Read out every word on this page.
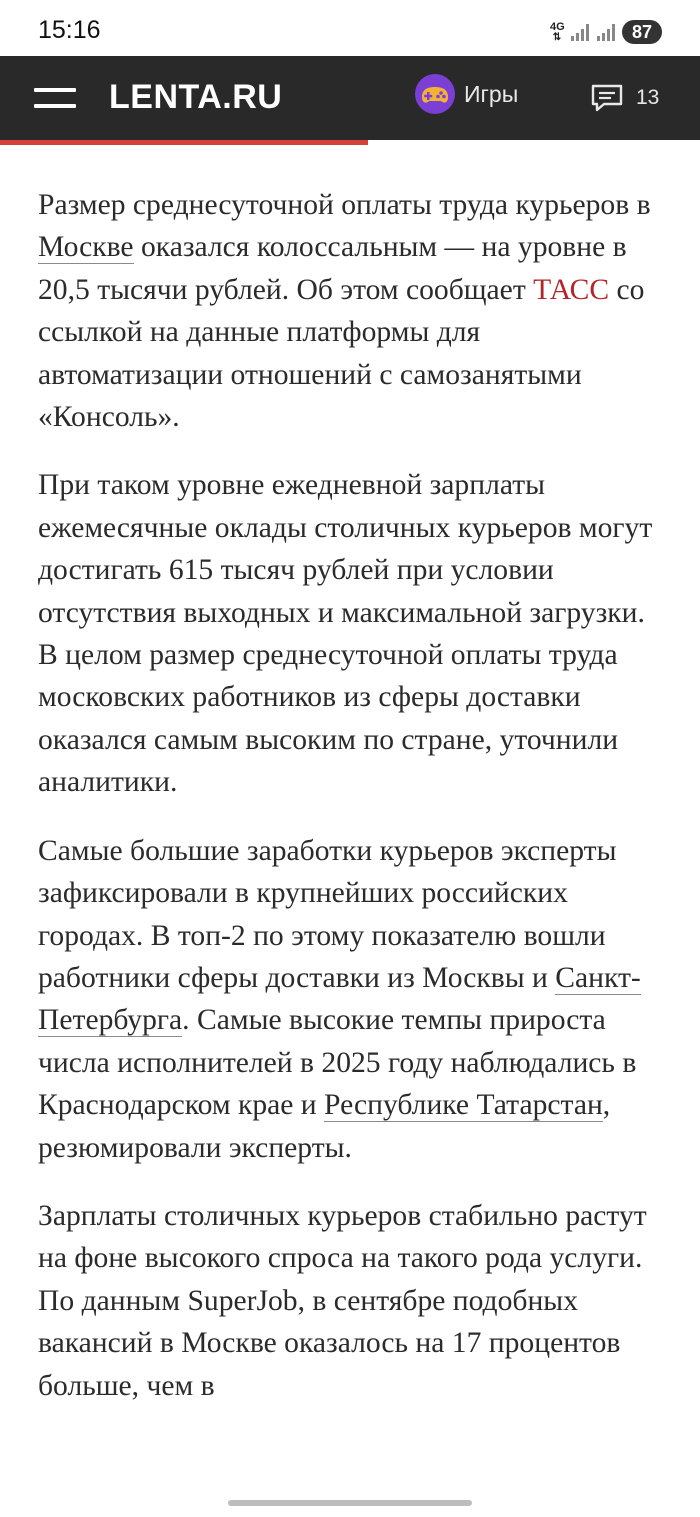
15:16	4G
⇅	87
LENTA.RU	Игры	13

Размер среднесуточной оплаты труда курьеров в Москве оказался колоссальным — на уровне в 20,5 тысячи рублей. Об этом сообщает ТАСС со ссылкой на данные платформы для автоматизации отношений с самозанятыми «Консоль».

При таком уровне ежедневной зарплаты ежемесячные оклады столичных курьеров могут достигать 615 тысяч рублей при условии отсутствия выходных и максимальной загрузки. В целом размер среднесуточной оплаты труда московских работников из сферы доставки оказался самым высоким по стране, уточнили аналитики.

Самые большие заработки курьеров эксперты зафиксировали в крупнейших российских городах. В топ-2 по этому показателю вошли работники сферы доставки из Москвы и Санкт-Петербурга. Самые высокие темпы прироста числа исполнителей в 2025 году наблюдались в Краснодарском крае и Республике Татарстан, резюмировали эксперты.

Зарплаты столичных курьеров стабильно растут на фоне высокого спроса на такого рода услуги. По данным SuperJob, в сентябре подобных вакансий в Москве оказалось на 17 процентов больше, чем в
